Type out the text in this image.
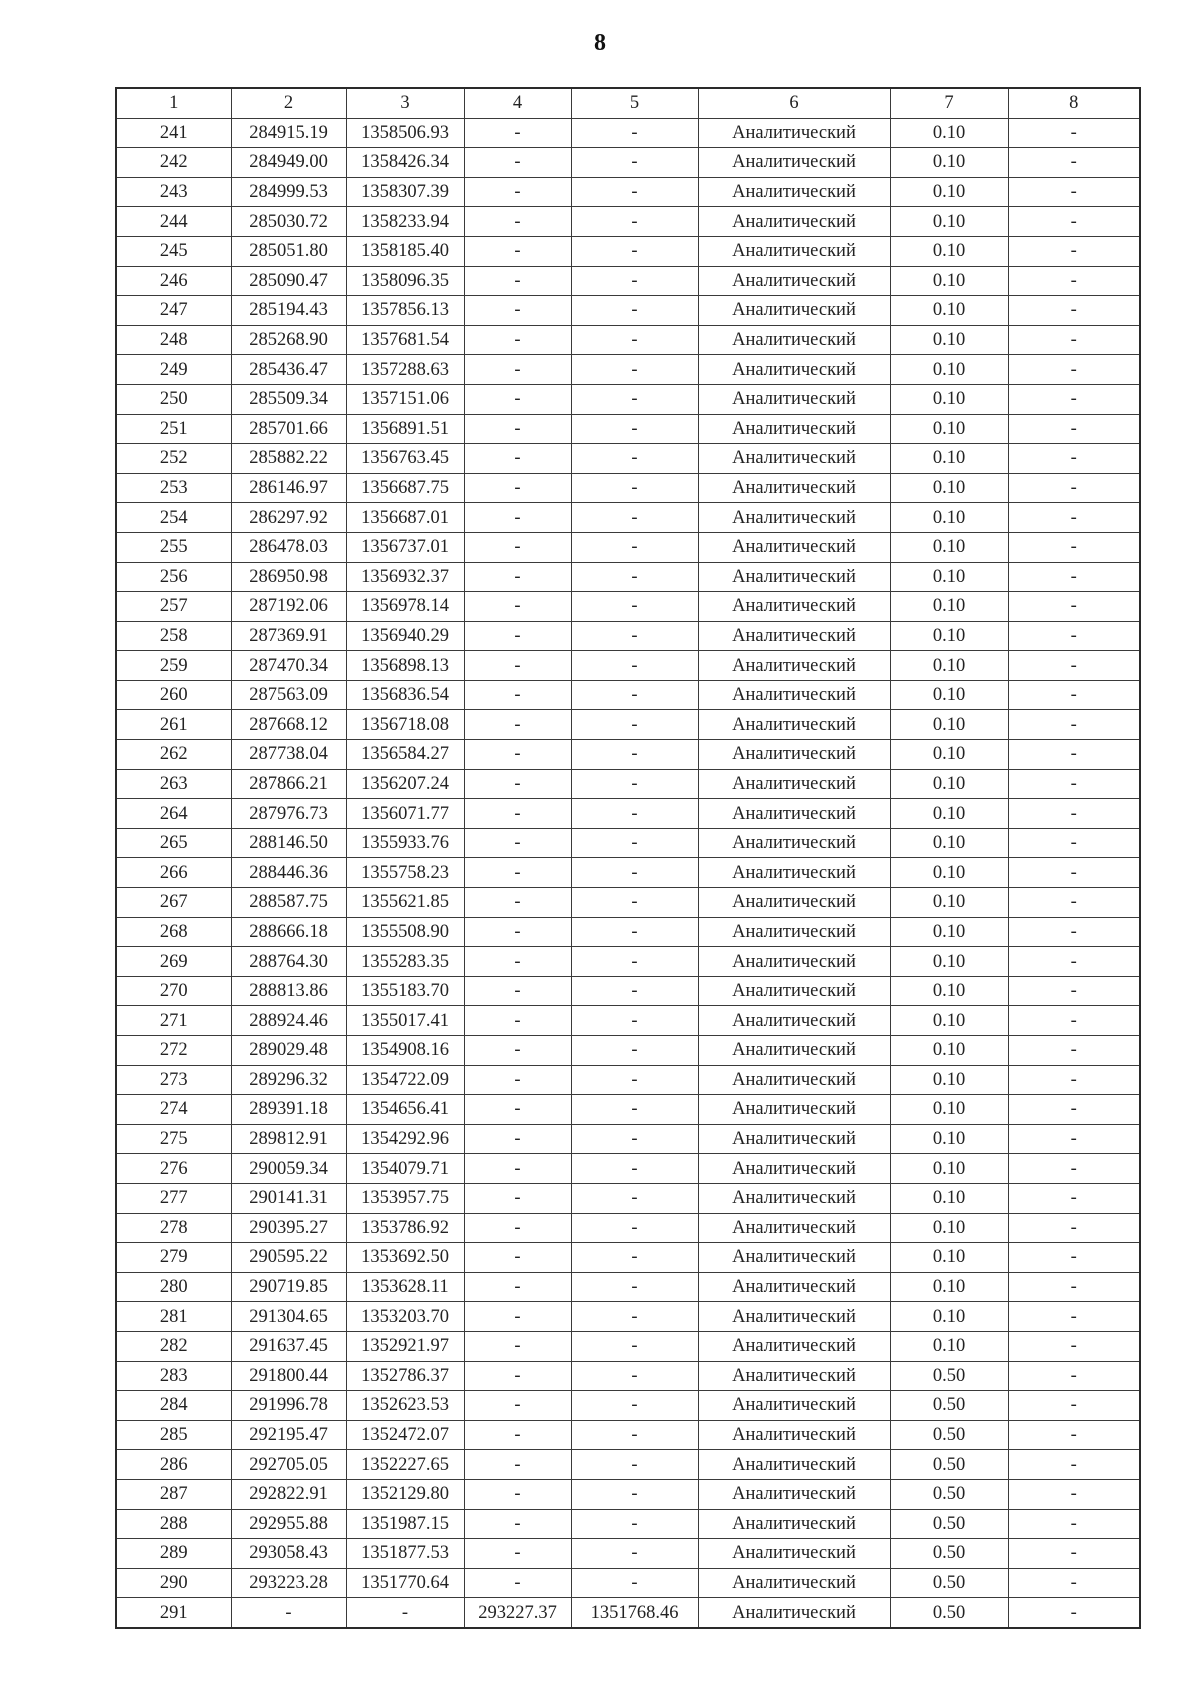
8
1	2	3	4	5	6	7	8
241	284915.19	1358506.93	-	-	Аналитический	0.10	-
242	284949.00	1358426.34	-	-	Аналитический	0.10	-
243	284999.53	1358307.39	-	-	Аналитический	0.10	-
244	285030.72	1358233.94	-	-	Аналитический	0.10	-
245	285051.80	1358185.40	-	-	Аналитический	0.10	-
246	285090.47	1358096.35	-	-	Аналитический	0.10	-
247	285194.43	1357856.13	-	-	Аналитический	0.10	-
248	285268.90	1357681.54	-	-	Аналитический	0.10	-
249	285436.47	1357288.63	-	-	Аналитический	0.10	-
250	285509.34	1357151.06	-	-	Аналитический	0.10	-
251	285701.66	1356891.51	-	-	Аналитический	0.10	-
252	285882.22	1356763.45	-	-	Аналитический	0.10	-
253	286146.97	1356687.75	-	-	Аналитический	0.10	-
254	286297.92	1356687.01	-	-	Аналитический	0.10	-
255	286478.03	1356737.01	-	-	Аналитический	0.10	-
256	286950.98	1356932.37	-	-	Аналитический	0.10	-
257	287192.06	1356978.14	-	-	Аналитический	0.10	-
258	287369.91	1356940.29	-	-	Аналитический	0.10	-
259	287470.34	1356898.13	-	-	Аналитический	0.10	-
260	287563.09	1356836.54	-	-	Аналитический	0.10	-
261	287668.12	1356718.08	-	-	Аналитический	0.10	-
262	287738.04	1356584.27	-	-	Аналитический	0.10	-
263	287866.21	1356207.24	-	-	Аналитический	0.10	-
264	287976.73	1356071.77	-	-	Аналитический	0.10	-
265	288146.50	1355933.76	-	-	Аналитический	0.10	-
266	288446.36	1355758.23	-	-	Аналитический	0.10	-
267	288587.75	1355621.85	-	-	Аналитический	0.10	-
268	288666.18	1355508.90	-	-	Аналитический	0.10	-
269	288764.30	1355283.35	-	-	Аналитический	0.10	-
270	288813.86	1355183.70	-	-	Аналитический	0.10	-
271	288924.46	1355017.41	-	-	Аналитический	0.10	-
272	289029.48	1354908.16	-	-	Аналитический	0.10	-
273	289296.32	1354722.09	-	-	Аналитический	0.10	-
274	289391.18	1354656.41	-	-	Аналитический	0.10	-
275	289812.91	1354292.96	-	-	Аналитический	0.10	-
276	290059.34	1354079.71	-	-	Аналитический	0.10	-
277	290141.31	1353957.75	-	-	Аналитический	0.10	-
278	290395.27	1353786.92	-	-	Аналитический	0.10	-
279	290595.22	1353692.50	-	-	Аналитический	0.10	-
280	290719.85	1353628.11	-	-	Аналитический	0.10	-
281	291304.65	1353203.70	-	-	Аналитический	0.10	-
282	291637.45	1352921.97	-	-	Аналитический	0.10	-
283	291800.44	1352786.37	-	-	Аналитический	0.50	-
284	291996.78	1352623.53	-	-	Аналитический	0.50	-
285	292195.47	1352472.07	-	-	Аналитический	0.50	-
286	292705.05	1352227.65	-	-	Аналитический	0.50	-
287	292822.91	1352129.80	-	-	Аналитический	0.50	-
288	292955.88	1351987.15	-	-	Аналитический	0.50	-
289	293058.43	1351877.53	-	-	Аналитический	0.50	-
290	293223.28	1351770.64	-	-	Аналитический	0.50	-
291	-	-	293227.37	1351768.46	Аналитический	0.50	-
